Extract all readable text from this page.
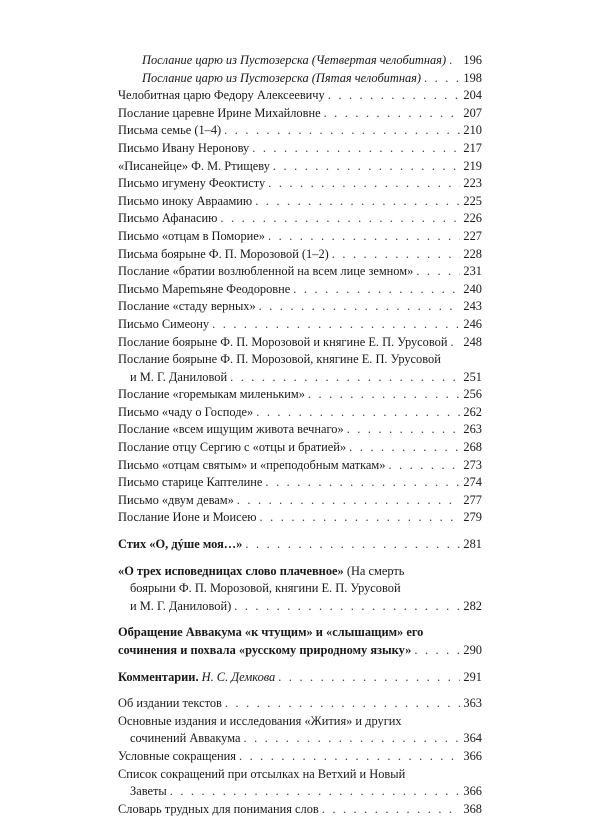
Послание царю из Пустозерска (Четвертая челобитная) . . . 196
Послание царю из Пустозерска (Пятая челобитная) . . .	198
Челобитная царю Федору Алексеевичу . . .	204
Послание царевне Ирине Михайловне . . .	207
Письма семье (1–4) . . .	210
Письмо Ивану Неронову . . .	217
«Писанейце» Ф. М. Ртищеву . . .	219
Письмо игумену Феоктисту . . .	223
Письмо иноку Авраамию . . .	225
Письмо Афанасию . . .	226
Письмо «отцам в Поморие» . . .	227
Письма боярыне Ф. П. Морозовой (1–2) . . .	228
Послание «братии возлюбленной на всем лице земном» . . .	231
Письмо Марemьяне Феодоровне . . .	240
Послание «стаду верных» . . .	243
Письмо Симеону . . .	246
Послание боярыне Ф. П. Морозовой и княгине Е. П. Урусовой . . . 248
Послание боярыне Ф. П. Морозовой, княгине Е. П. Урусовой
и М. Г. Даниловой . . .	251
Послание «горемыкам миленьким» . . .	256
Письмо «чаду о Господе» . . .	262
Послание «всем ищущим живота вечнаго» . . .	263
Послание отцу Сергию с «отцы и братией» . . .	268
Письмо «отцам святым» и «преподобным маткам» . . .	273
Письмо старице Каптелине . . .	274
Письмо «двум девам» . . .	277
Послание Ионе и Моисею . . .	279
Стих «О, дýше моя…» . . .	281
«О трех исповедницах слово плачевное» (На смерть
боярыни Ф. П. Морозовой, княгини Е. П. Урусовой
и М. Г. Даниловой) . . .	282
Обращение Аввакума «к чтущим» и «слышащим» его
сочинения и похвала «русскому природному языку» . . .	290
Комментарии. Н. С. Демкова . . .	291
Об издании текстов . . .	363
Основные издания и исследования «Жития» и других
сочинений Аввакума . . .	364
Условные сокращения . . .	366
Список сокращений при отсылках на Ветхий и Новый
Заветы . . .	366
Словарь трудных для понимания слов . . .	368
